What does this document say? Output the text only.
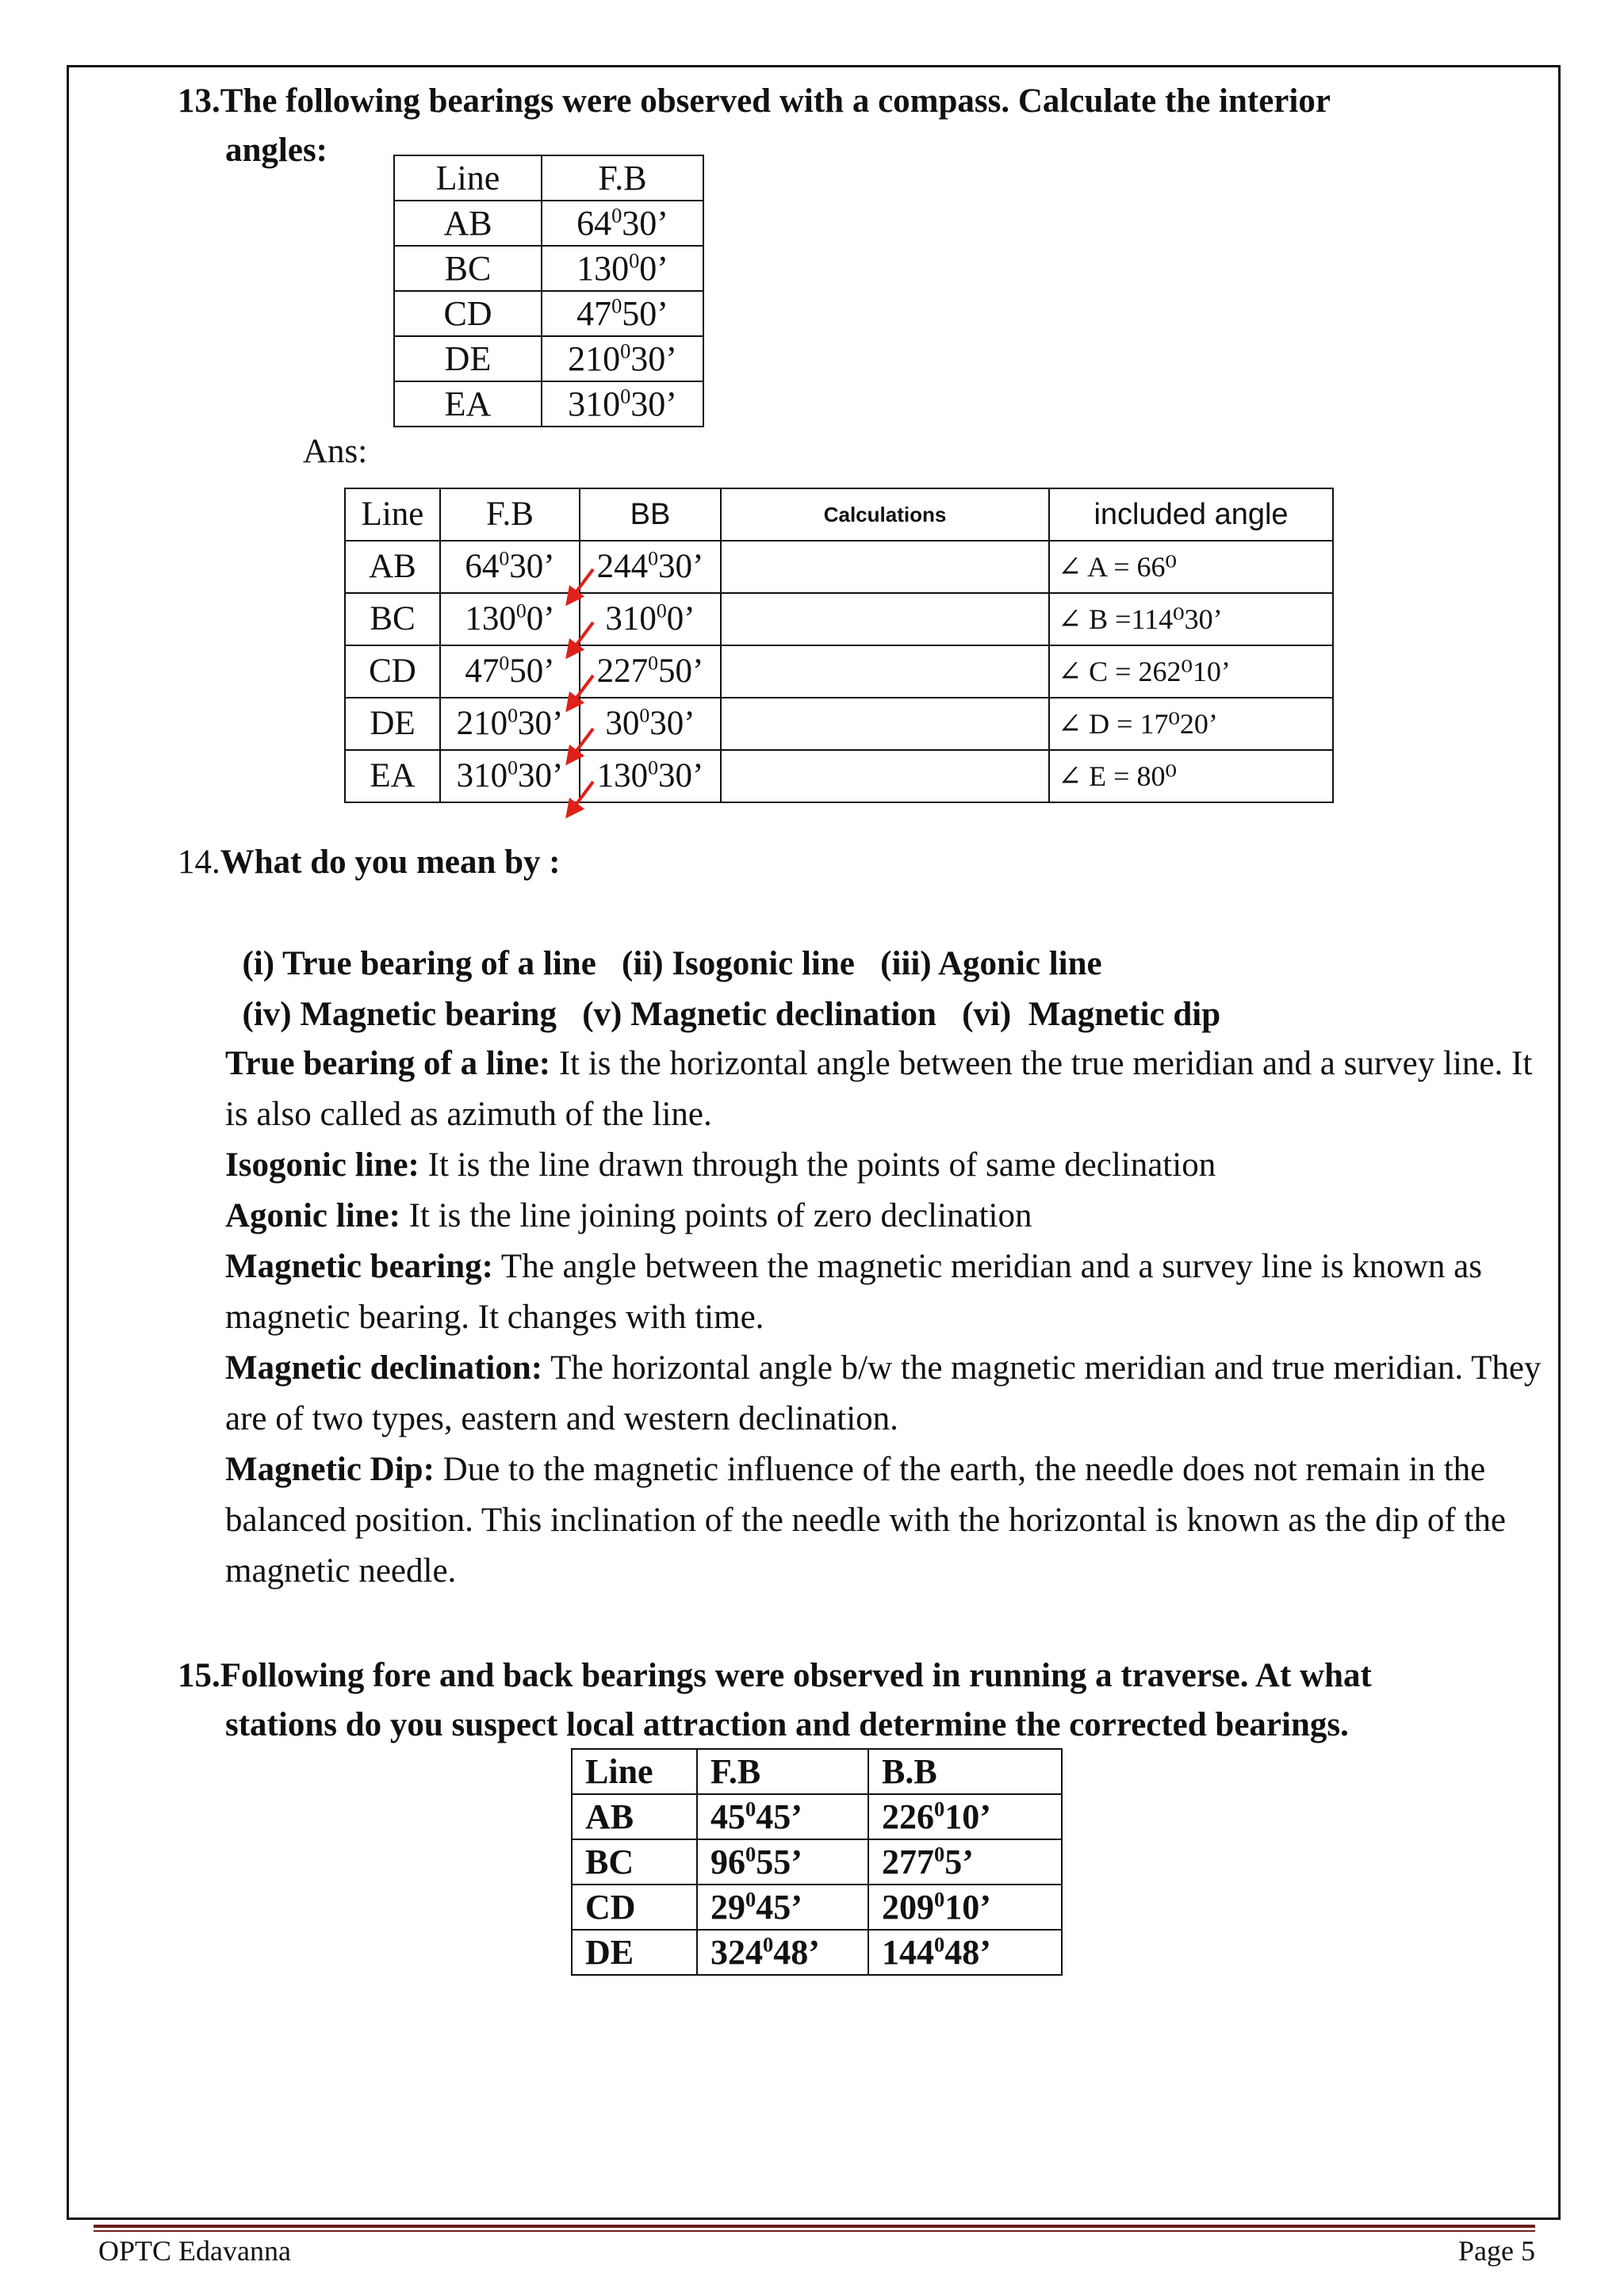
13.The following bearings were observed with a compass. Calculate the interior
angles:
Line	F.B
AB	$64^030$’
BC	$130^00$’
CD	$47^050$’
DE	$210^030$’
EA	$310^030$’
Ans:
Line	F.B	BB	Calculations	included angle
AB	$64^030$’	$244^030$’		∠ A = 66⁰
BC	$130^00$’	$310^00$’		∠ B =114⁰30’
CD	$47^050$’	$227^050$’		∠ C = 262⁰10’
DE	$210^030$’	$30^030$’		∠ D = 17⁰20’
EA	$310^030$’	$130^030$’		∠ E = 80⁰
14.What do you mean by :

(i) True bearing of a line   (ii) Isogonic line   (iii) Agonic line

(iv) Magnetic bearing   (v) Magnetic declination   (vi)  Magnetic dip

True bearing of a line: It is the horizontal angle between the true meridian and a survey line. It is also called as azimuth of the line.
Isogonic line: It is the line drawn through the points of same declination
Agonic line: It is the line joining points of zero declination
Magnetic bearing: The angle between the magnetic meridian and a survey line is known as magnetic bearing. It changes with time.
Magnetic declination: The horizontal angle b/w the magnetic meridian and true meridian. They are of two types, eastern and western declination.
Magnetic Dip: Due to the magnetic influence of the earth, the needle does not remain in the balanced position. This inclination of the needle with the horizontal is known as the dip of the magnetic needle.
15.Following fore and back bearings were observed in running a traverse. At what
stations do you suspect local attraction and determine the corrected bearings.
Line	F.B	B.B
AB	$45^045$’	$226^010$’
BC	$96^055$’	$277^05$’
CD	$29^045$’	$209^010$’
DE	$324^048$’	$144^048$’
OPTC Edavanna	Page 5
